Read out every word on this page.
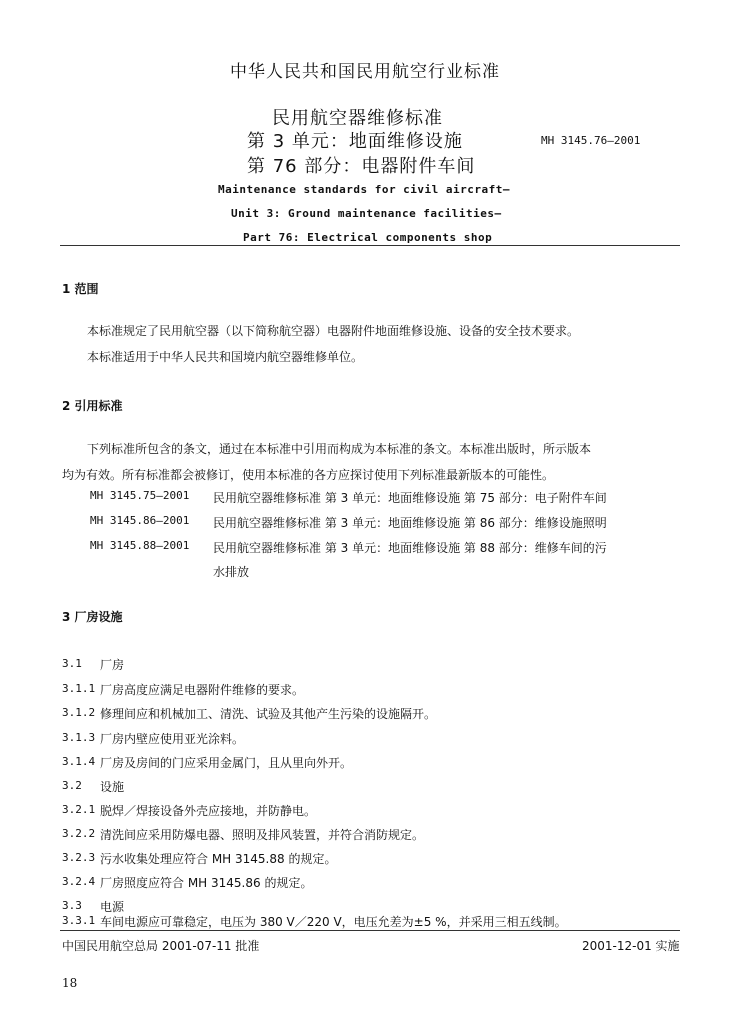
中华人民共和国民用航空行业标准
民用航空器维修标准
第 3 单元：地面维修设施
第 76 部分：电器附件车间
MH 3145.76—2001
Maintenance standards for civil aircraft—
Unit 3: Ground maintenance facilities—
Part 76: Electrical components shop
1 范围
本标准规定了民用航空器（以下简称航空器）电器附件地面维修设施、设备的安全技术要求。
本标准适用于中华人民共和国境内航空器维修单位。
2 引用标准
下列标准所包含的条文，通过在本标准中引用而构成为本标准的条文。本标准出版时，所示版本
均为有效。所有标准都会被修订，使用本标准的各方应探讨使用下列标准最新版本的可能性。
MH 3145.75—2001 民用航空器维修标准 第 3 单元：地面维修设施 第 75 部分：电子附件车间
MH 3145.86—2001 民用航空器维修标准 第 3 单元：地面维修设施 第 86 部分：维修设施照明
MH 3145.88—2001 民用航空器维修标准 第 3 单元：地面维修设施 第 88 部分：维修车间的污
水排放
3 厂房设施
3.1 厂房
3.1.1 厂房高度应满足电器附件维修的要求。
3.1.2 修理间应和机械加工、清洗、试验及其他产生污染的设施隔开。
3.1.3 厂房内壁应使用亚光涂料。
3.1.4 厂房及房间的门应采用金属门，且从里向外开。
3.2 设施
3.2.1 脱焊／焊接设备外壳应接地，并防静电。
3.2.2 清洗间应采用防爆电器、照明及排风装置，并符合消防规定。
3.2.3 污水收集处理应符合 MH 3145.88 的规定。
3.2.4 厂房照度应符合 MH 3145.86 的规定。
3.3 电源
3.3.1 车间电源应可靠稳定，电压为 380 V／220 V，电压允差为±5 %，并采用三相五线制。
中国民用航空总局 2001-07-11 批准	2001-12-01 实施
18
